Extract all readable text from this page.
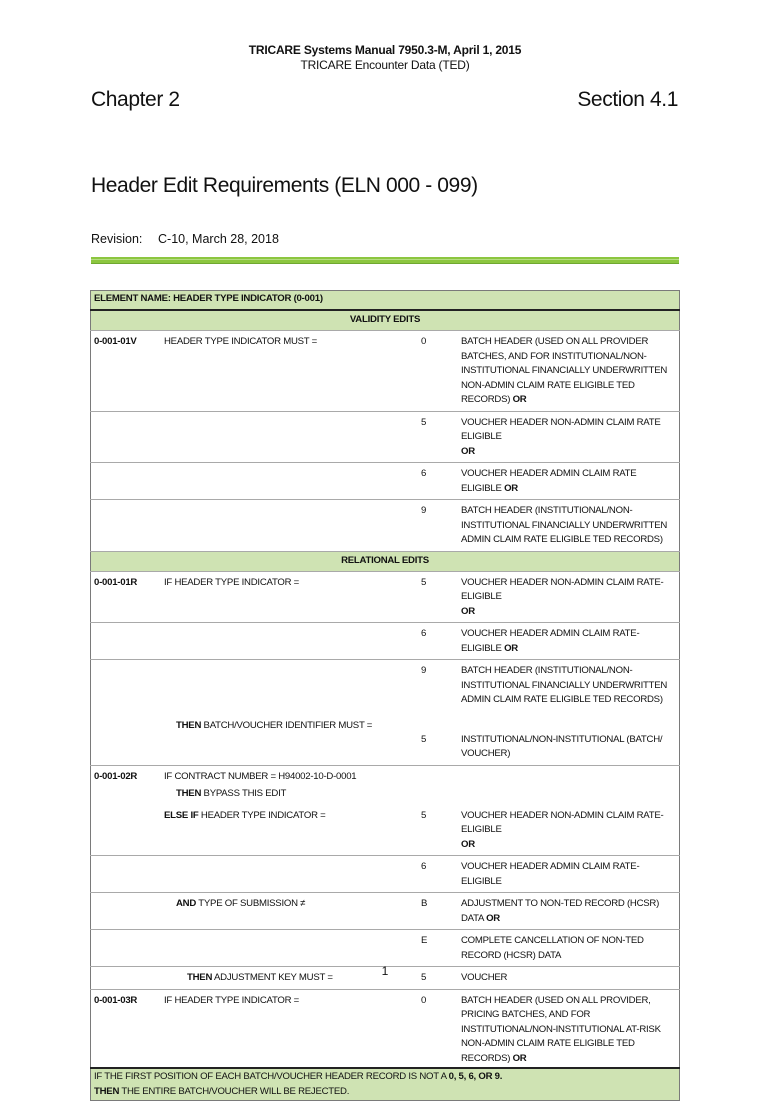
TRICARE Systems Manual 7950.3-M, April 1, 2015
TRICARE Encounter Data (TED)
Chapter 2	Section 4.1
Header Edit Requirements (ELN 000 - 099)
Revision: C-10, March 28, 2018
ELEMENT NAME: HEADER TYPE INDICATOR (0-001)			
VALIDITY EDITS			
0-001-01V	HEADER TYPE INDICATOR MUST =	0	BATCH HEADER (USED ON ALL PROVIDER BATCHES, AND FOR INSTITUTIONAL/NON-INSTITUTIONAL FINANCIALLY UNDERWRITTEN NON-ADMIN CLAIM RATE ELIGIBLE TED RECORDS) OR
		5	VOUCHER HEADER NON-ADMIN CLAIM RATE ELIGIBLE
OR
		6	VOUCHER HEADER ADMIN CLAIM RATE ELIGIBLE OR
		9	BATCH HEADER (INSTITUTIONAL/NON-INSTITUTIONAL FINANCIALLY UNDERWRITTEN ADMIN CLAIM RATE ELIGIBLE TED RECORDS)
RELATIONAL EDITS			
0-001-01R	IF HEADER TYPE INDICATOR =	5	VOUCHER HEADER NON-ADMIN CLAIM RATE-ELIGIBLE
OR
		6	VOUCHER HEADER ADMIN CLAIM RATE-ELIGIBLE OR
		9	BATCH HEADER (INSTITUTIONAL/NON-INSTITUTIONAL FINANCIALLY UNDERWRITTEN ADMIN CLAIM RATE ELIGIBLE TED RECORDS)
	THEN BATCH/VOUCHER IDENTIFIER MUST =	5	INSTITUTIONAL/NON-INSTITUTIONAL (BATCH/ VOUCHER)
0-001-02R	IF CONTRACT NUMBER = H94002-10-D-0001		
	THEN BYPASS THIS EDIT		
	ELSE IF HEADER TYPE INDICATOR =	5	VOUCHER HEADER NON-ADMIN CLAIM RATE-ELIGIBLE
OR
		6	VOUCHER HEADER ADMIN CLAIM RATE-ELIGIBLE
	AND TYPE OF SUBMISSION ≠	B	ADJUSTMENT TO NON-TED RECORD (HCSR) DATA OR
		E	COMPLETE CANCELLATION OF NON-TED RECORD (HCSR) DATA
	THEN ADJUSTMENT KEY MUST =	5	VOUCHER
0-001-03R	IF HEADER TYPE INDICATOR =	0	BATCH HEADER (USED ON ALL PROVIDER, PRICING BATCHES, AND FOR INSTITUTIONAL/NON-INSTITUTIONAL AT-RISK NON-ADMIN CLAIM RATE ELIGIBLE TED RECORDS) OR
IF THE FIRST POSITION OF EACH BATCH/VOUCHER HEADER RECORD IS NOT A 0, 5, 6, OR 9.
THEN THE ENTIRE BATCH/VOUCHER WILL BE REJECTED.			
1
